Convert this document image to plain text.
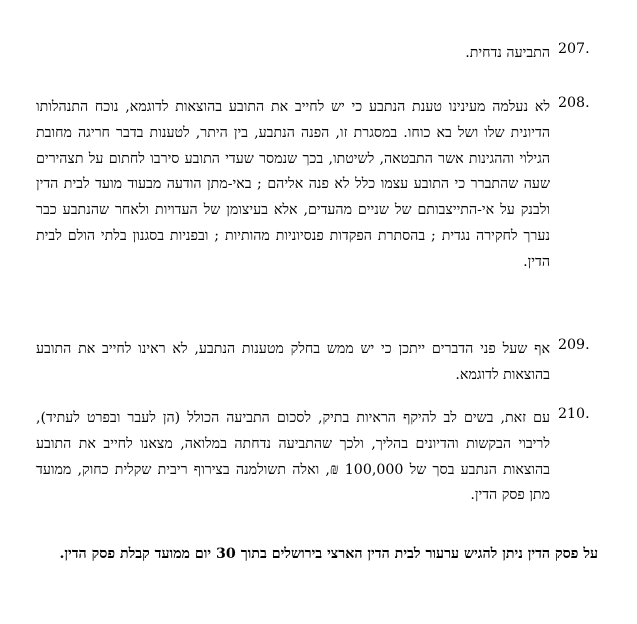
207.
התביעה נדחית.
208.
לא נעלמה מעינינו טענת הנתבע כי יש לחייב את התובע בהוצאות לדוגמא, נוכח התנהלותו הדיונית שלו ושל בא כוחו. במסגרת זו, הפנה הנתבע, בין היתר, לטענות בדבר חריגה מחובת הגילוי וההגינות אשר התבטאה, לשיטתו, בכך שנמסר שעדי התובע סירבו לחתום על תצהירים שעה שהתברר כי התובע עצמו כלל לא פנה אליהם ; באי-מתן הודעה מבעוד מועד לבית הדין ולבנק על אי-התייצבותם של שניים מהעדים, אלא בעיצומן של העדויות ולאחר שהנתבע כבר נערך לחקירה נגדית ; בהסתרת הפקדות פנסיוניות מהותיות ; ובפניות בסגנון בלתי הולם לבית הדין.
209.
אף שעל פני הדברים ייתכן כי יש ממש בחלק מטענות הנתבע, לא ראינו לחייב את התובע בהוצאות לדוגמא.
210.
עם זאת, בשים לב להיקף הראיות בתיק, לסכום התביעה הכולל (הן לעבר ובפרט לעתיד), לריבוי הבקשות והדיונים בהליך, ולכך שהתביעה נדחתה במלואה, מצאנו לחייב את התובע בהוצאות הנתבע בסך של 100,000 ₪, ואלה תשולמנה בצירוף ריבית שקלית כחוק, ממועד מתן פסק הדין.
על פסק הדין ניתן להגיש ערעור לבית הדין הארצי בירושלים בתוך 30 יום ממועד קבלת פסק הדין.
